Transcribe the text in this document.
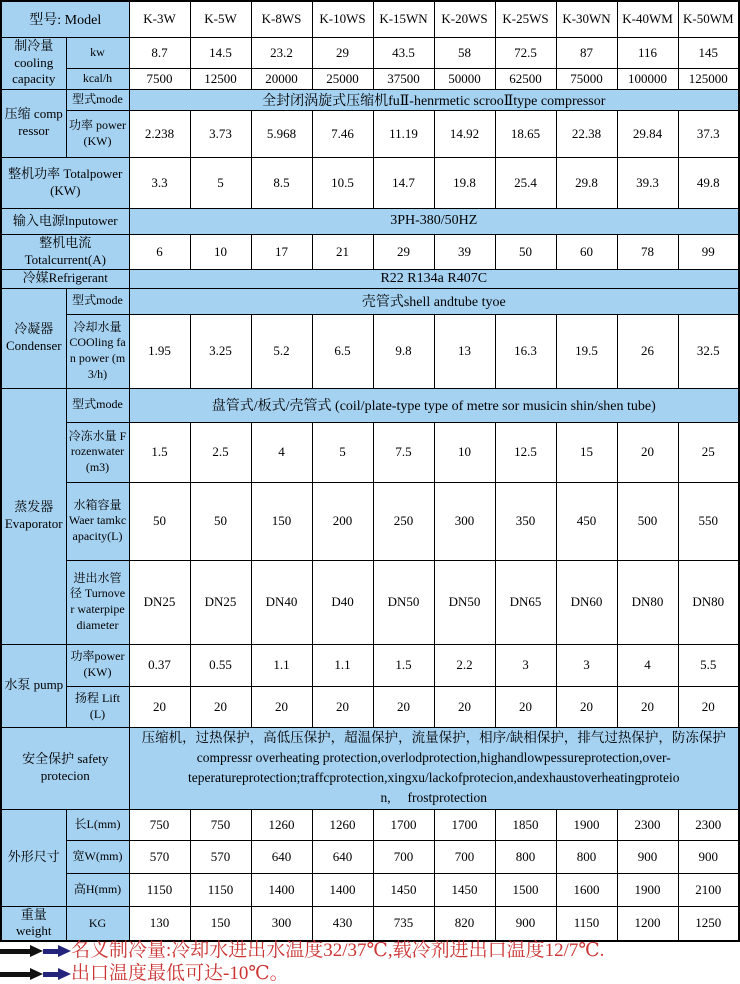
型号: Model		K-3W	K-5W	K-8WS	K-10WS	K-15WN	K-20WS	K-25WS	K-30WN	K-40WM	K-50WM
制冷量 cooling capacity	kw	8.7	14.5	23.2	29	43.5	58	72.5	87	116	145
	kcal/h	7500	12500	20000	25000	37500	50000	62500	75000	100000	125000
压缩 comp ressor	型式mode	全封闭涡旋式压缩机fuⅡ-henrmetic scrooⅡtype compressor									
	功率 power (KW)	2.238	3.73	5.968	7.46	11.19	14.92	18.65	22.38	29.84	37.3
整机功率 Totalpower (KW)		3.3	5	8.5	10.5	14.7	19.8	25.4	29.8	39.3	49.8
输入电源lnputower		3PH-380/50HZ									
整机电流 Totalcurrent(A)		6	10	17	21	29	39	50	60	78	99
冷媒Refrigerant		R22 R134a R407C									
冷凝器 Condenser	型式mode	壳管式shell andtube tyoe									
	冷却水量 COOling fan power (m3/h)	1.95	3.25	5.2	6.5	9.8	13	16.3	19.5	26	32.5
蒸发器 Evaporator	型式mode	盘管式/板式/壳管式 (coil/plate-type type of metre sor musicin shin/shen tube)									
	冷冻水量 Frozenwater (m3)	1.5	2.5	4	5	7.5	10	12.5	15	20	25
	水箱容量 Waer tamkcapacity(L)	50	50	150	200	250	300	350	450	500	550
	进出水管径 Turnover waterpipe diameter	DN25	DN25	DN40	D40	DN50	DN50	DN65	DN60	DN80	DN80
水泵 pump	功率power (KW)	0.37	0.55	1.1	1.1	1.5	2.2	3	3	4	5.5
	扬程 Lift(L)	20	20	20	20	20	20	20	20	20	20
安全保护 safety protecion		压缩机，过热保护，高低压保护，超温保护，流量保护，相序/缺相保护，排气过热保护，防冻保护
compressr overheating protection,overlodprotection,highandlowpessureprotection,over-
teperatureprotection;traffcprotection,xingxu/lackofprotecion,andexhaustoverheatingproteio
n,　 frostprotection									

外形尺寸	长L(mm)	750	750	1260	1260	1700	1700	1850	1900	2300	2300
	宽W(mm)	570	570	640	640	700	700	800	800	900	900
	高H(mm)	1150	1150	1400	1400	1450	1450	1500	1600	1900	2100
重量 weight	KG	130	150	300	430	735	820	900	1150	1200	1250
名义制冷量:冷却水进出水温度32/37℃,载冷剂进出口温度12/7℃.
出口温度最低可达-10℃。
